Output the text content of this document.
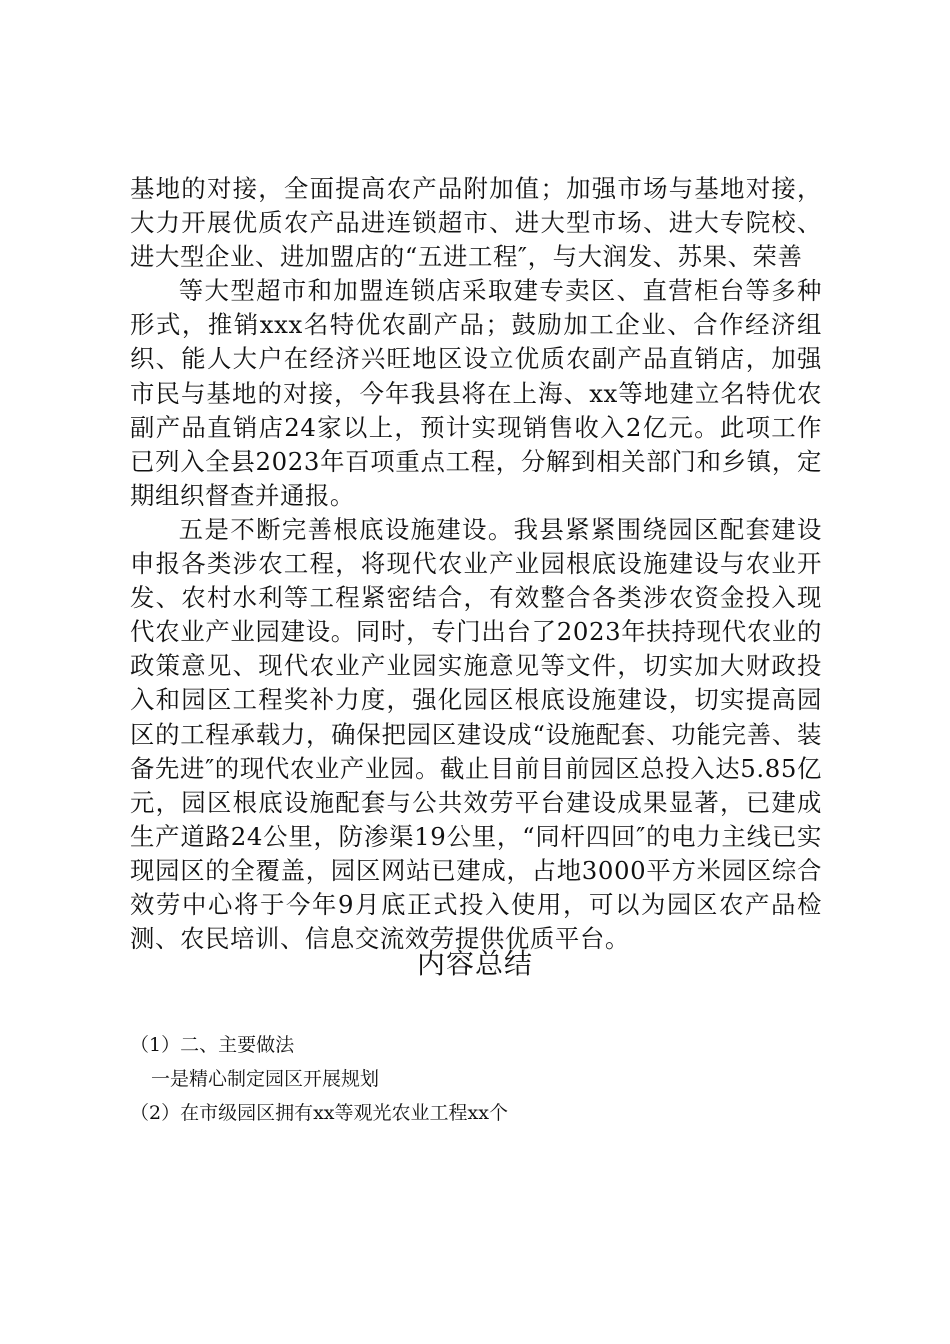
基地的对接，全面提高农产品附加值；加强市场与基地对接，大力开展优质农产品进连锁超市、进大型市场、进大专院校、进大型企业、进加盟店的“五进工程″，与大润发、苏果、荣善

等大型超市和加盟连锁店采取建专卖区、直营柜台等多种形式，推销xxx名特优农副产品；鼓励加工企业、合作经济组织、能人大户在经济兴旺地区设立优质农副产品直销店，加强市民与基地的对接，今年我县将在上海、xx等地建立名特优农副产品直销店24家以上，预计实现销售收入2亿元。此项工作已列入全县2023年百项重点工程，分解到相关部门和乡镇，定期组织督查并通报。

五是不断完善根底设施建设。我县紧紧围绕园区配套建设申报各类涉农工程，将现代农业产业园根底设施建设与农业开发、农村水利等工程紧密结合，有效整合各类涉农资金投入现代农业产业园建设。同时，专门出台了2023年扶持现代农业的政策意见、现代农业产业园实施意见等文件，切实加大财政投入和园区工程奖补力度，强化园区根底设施建设，切实提高园区的工程承载力，确保把园区建设成“设施配套、功能完善、装备先进″的现代农业产业园。截止目前目前园区总投入达5.85亿元，园区根底设施配套与公共效劳平台建设成果显著，已建成生产道路24公里，防渗渠19公里，“同杆四回″的电力主线已实现园区的全覆盖，园区网站已建成，占地3000平方米园区综合效劳中心将于今年9月底正式投入使用，可以为园区农产品检测、农民培训、信息交流效劳提供优质平台。

内容总结

（1）二、主要做法

一是精心制定园区开展规划

（2）在市级园区拥有xx等观光农业工程xx个
